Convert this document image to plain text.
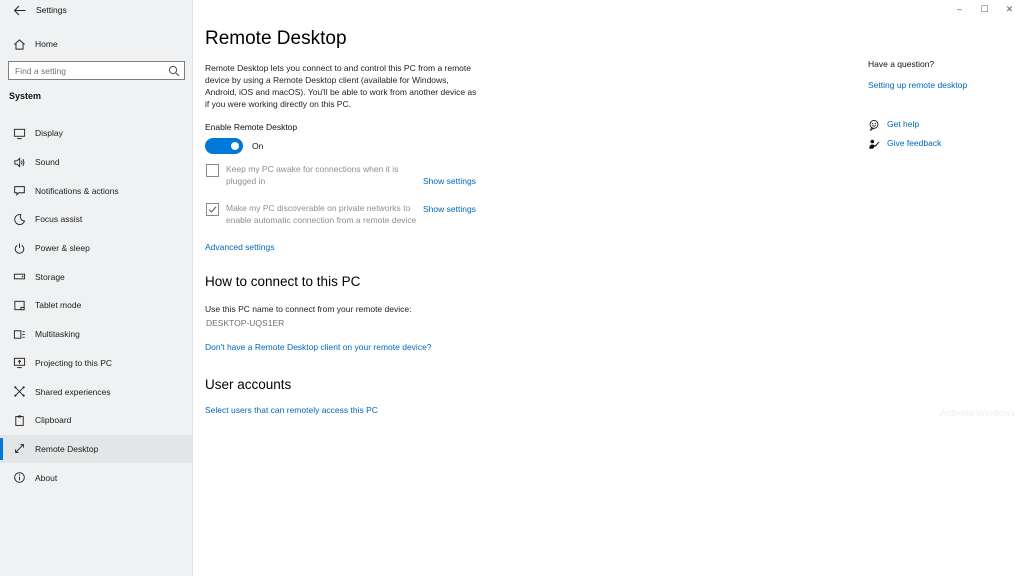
Settings
Home
Find a setting
System
Display
Sound
Notifications & actions
Focus assist
Power & sleep
Storage
Tablet mode
Multitasking
Projecting to this PC
Shared experiences
Clipboard
Remote Desktop
About
–	☐	✕
Remote Desktop
Remote Desktop lets you connect to and control this PC from a remote device by using a Remote Desktop client (available for Windows, Android, iOS and macOS). You'll be able to work from another device as if you were working directly on this PC.
Enable Remote Desktop
On
Keep my PC awake for connections when it is plugged in	Show settings
Make my PC discoverable on private networks to enable automatic connection from a remote device
Show settings
Advanced settings
How to connect to this PC
Use this PC name to connect from your remote device:
DESKTOP-UQS1ER
Don't have a Remote Desktop client on your remote device?
User accounts
Select users that can remotely access this PC
Have a question?
Setting up remote desktop
Get help
Give feedback
Activate Windows
